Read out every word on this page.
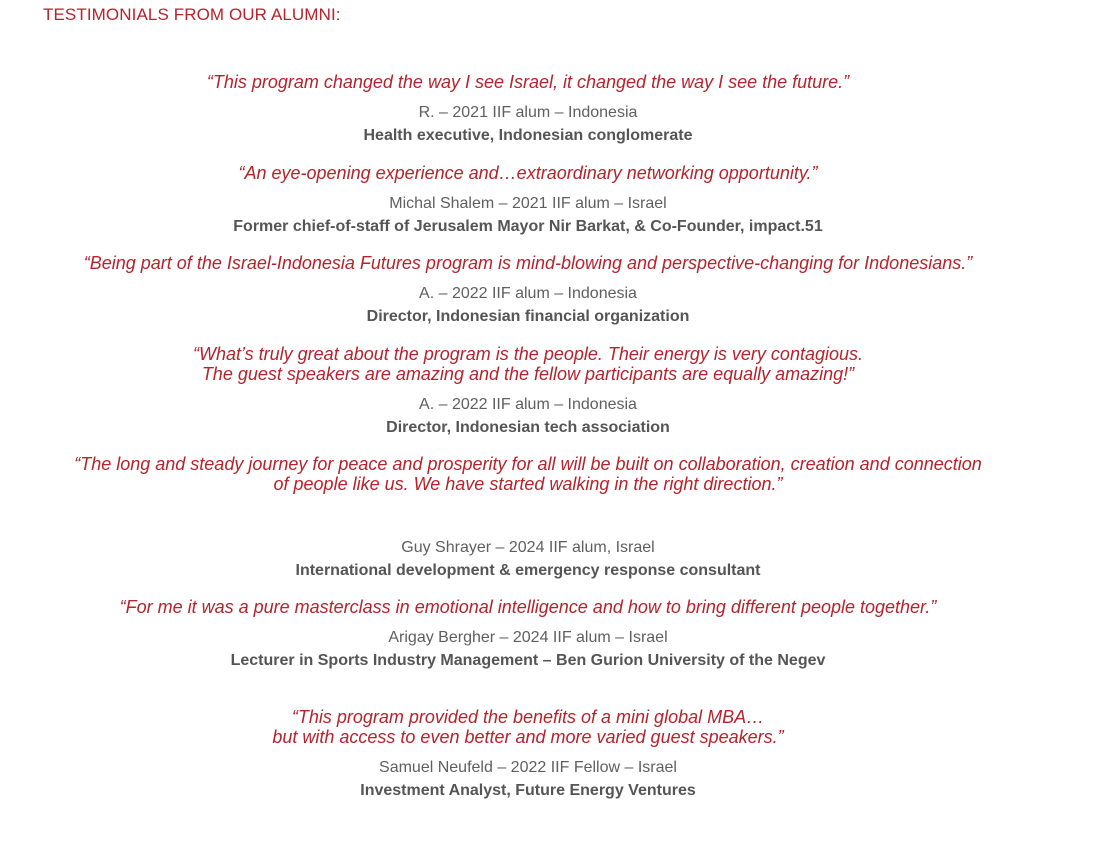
TESTIMONIALS FROM OUR ALUMNI:
“This program changed the way I see Israel, it changed the way I see the future.”
R. – 2021 IIF alum – Indonesia
Health executive, Indonesian conglomerate
“An eye-opening experience and…extraordinary networking opportunity.”
Michal Shalem – 2021 IIF alum – Israel
Former chief-of-staff of Jerusalem Mayor Nir Barkat, & Co-Founder, impact.51
“Being part of the Israel-Indonesia Futures program is mind-blowing and perspective-changing for Indonesians.”
A. – 2022 IIF alum – Indonesia
Director, Indonesian financial organization
“What’s truly great about the program is the people. Their energy is very contagious.
The guest speakers are amazing and the fellow participants are equally amazing!”
A. – 2022 IIF alum – Indonesia
Director, Indonesian tech association
“The long and steady journey for peace and prosperity for all will be built on collaboration, creation and connection
of people like us. We have started walking in the right direction.”
Guy Shrayer – 2024 IIF alum, Israel
International development & emergency response consultant
“For me it was a pure masterclass in emotional intelligence and how to bring different people together.”
Arigay Bergher – 2024 IIF alum – Israel
Lecturer in Sports Industry Management – Ben Gurion University of the Negev
“This program provided the benefits of a mini global MBA…
but with access to even better and more varied guest speakers.”
Samuel Neufeld – 2022 IIF Fellow – Israel
Investment Analyst, Future Energy Ventures
